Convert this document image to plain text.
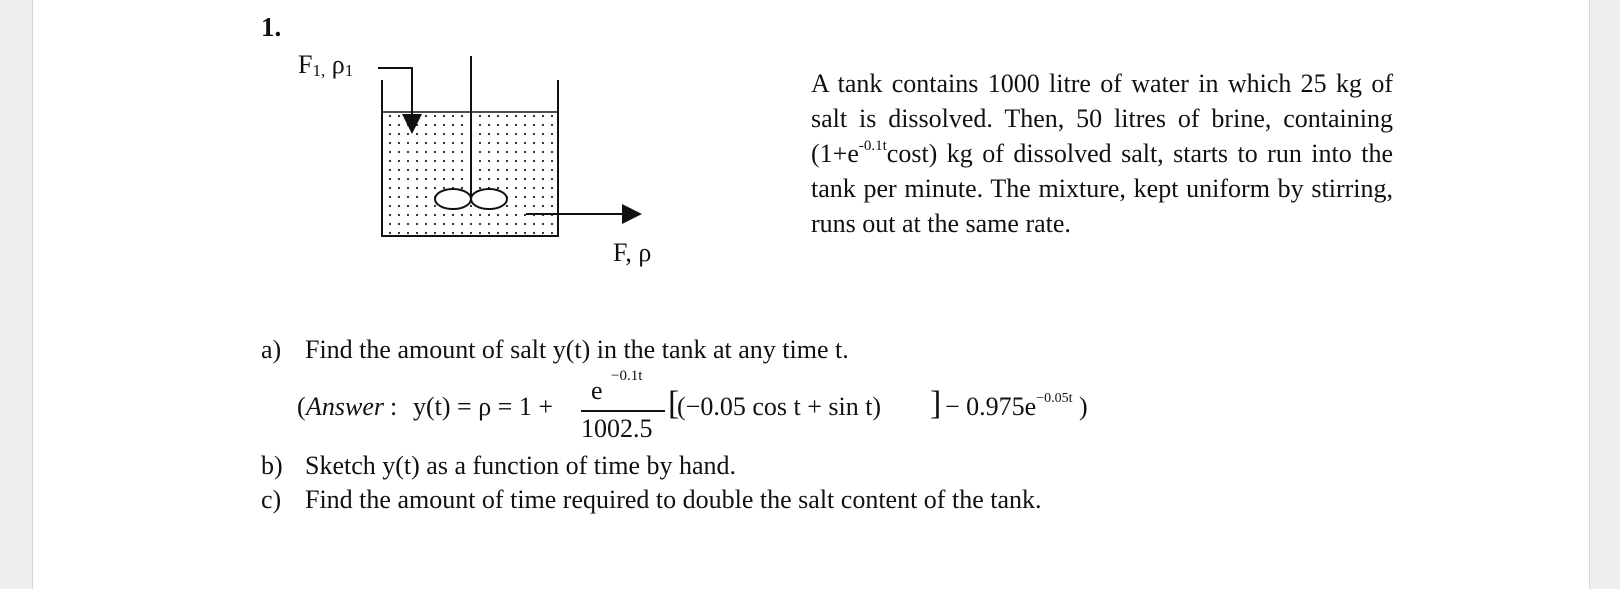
1.
$F_{1,}$ $\rho_1$
F, ρ
A tank contains 1000 litre of water in which 25 kg of salt is dissolved. Then, 50 litres of brine, containing $(1+e^{-0.1t}\cos t)$ kg of dissolved salt, starts to run into the tank per minute. The mixture, kept uniform by stirring, runs out at the same rate.
a) Find the amount of salt y(t) in the tank at any time t.
b) Sketch y(t) as a function of time by hand.
c) Find the amount of time required to double the salt content of the tank.
( Answer : y(t) = ρ = 1 +
e −0.1t
1002.5
[
(−0.05 cos t + sin t) ] − $0.975e^{-0.05t}$ )
